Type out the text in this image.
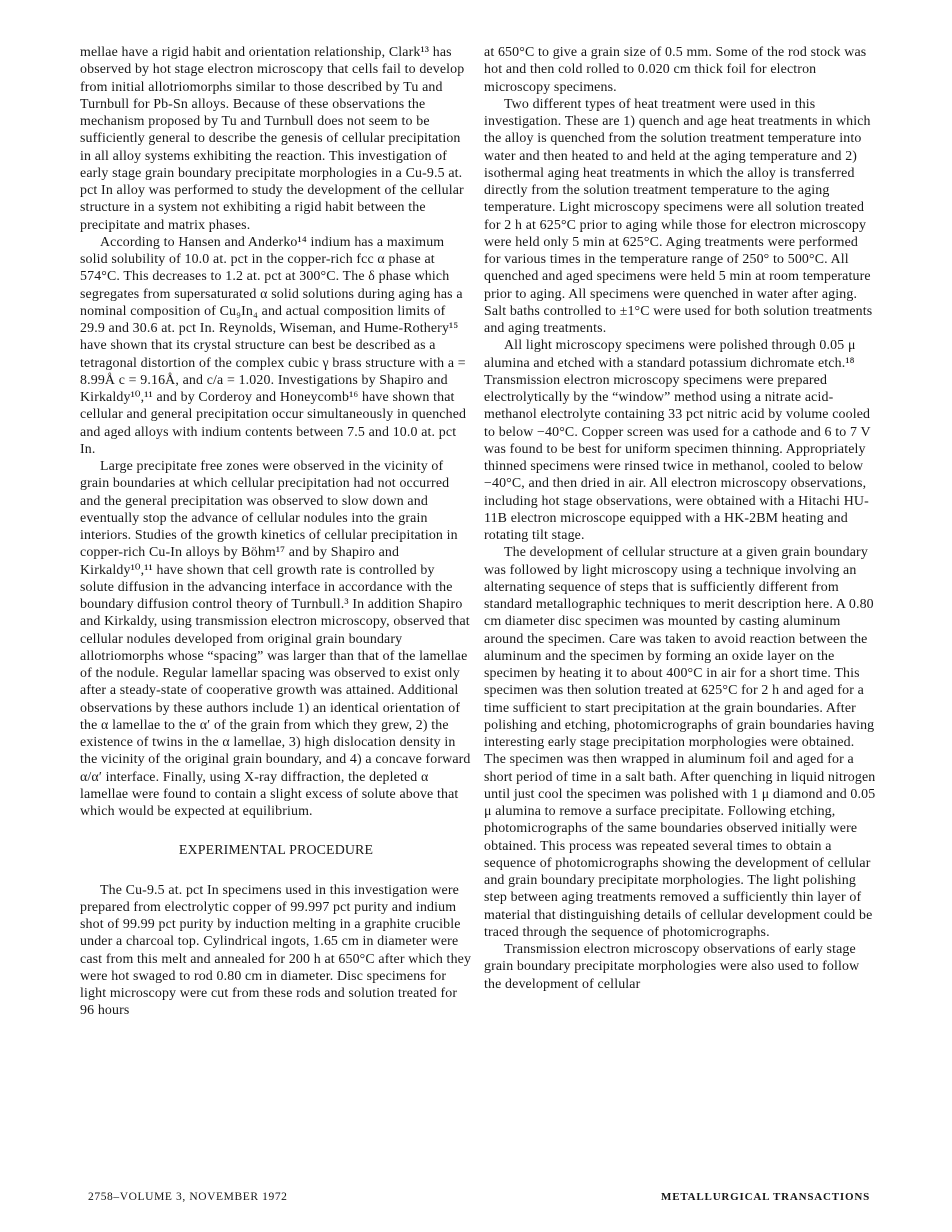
mellae have a rigid habit and orientation relationship, Clark¹³ has observed by hot stage electron microscopy that cells fail to develop from initial allotriomorphs similar to those described by Tu and Turnbull for Pb-Sn alloys. Because of these observations the mechanism proposed by Tu and Turnbull does not seem to be sufficiently general to describe the genesis of cellular precipitation in all alloy systems exhibiting the reaction. This investigation of early stage grain boundary precipitate morphologies in a Cu-9.5 at. pct In alloy was performed to study the development of the cellular structure in a system not exhibiting a rigid habit between the precipitate and matrix phases.

According to Hansen and Anderko¹⁴ indium has a maximum solid solubility of 10.0 at. pct in the copper-rich fcc α phase at 574°C. This decreases to 1.2 at. pct at 300°C. The δ phase which segregates from supersaturated α solid solutions during aging has a nominal composition of Cu₉In₄ and actual composition limits of 29.9 and 30.6 at. pct In. Reynolds, Wiseman, and Hume-Rothery¹⁵ have shown that its crystal structure can best be described as a tetragonal distortion of the complex cubic γ brass structure with a = 8.99Å c = 9.16Å, and c/a = 1.020. Investigations by Shapiro and Kirkaldy¹⁰,¹¹ and by Corderoy and Honeycomb¹⁶ have shown that cellular and general precipitation occur simultaneously in quenched and aged alloys with indium contents between 7.5 and 10.0 at. pct In.

Large precipitate free zones were observed in the vicinity of grain boundaries at which cellular precipitation had not occurred and the general precipitation was observed to slow down and eventually stop the advance of cellular nodules into the grain interiors. Studies of the growth kinetics of cellular precipitation in copper-rich Cu-In alloys by Böhm¹⁷ and by Shapiro and Kirkaldy¹⁰,¹¹ have shown that cell growth rate is controlled by solute diffusion in the advancing interface in accordance with the boundary diffusion control theory of Turnbull.³ In addition Shapiro and Kirkaldy, using transmission electron microscopy, observed that cellular nodules developed from original grain boundary allotriomorphs whose “spacing” was larger than that of the lamellae of the nodule. Regular lamellar spacing was observed to exist only after a steady-state of cooperative growth was attained. Additional observations by these authors include 1) an identical orientation of the α lamellae to the α′ of the grain from which they grew, 2) the existence of twins in the α lamellae, 3) high dislocation density in the vicinity of the original grain boundary, and 4) a concave forward α/α′ interface. Finally, using X-ray diffraction, the depleted α lamellae were found to contain a slight excess of solute above that which would be expected at equilibrium.

EXPERIMENTAL PROCEDURE

The Cu-9.5 at. pct In specimens used in this investigation were prepared from electrolytic copper of 99.997 pct purity and indium shot of 99.99 pct purity by induction melting in a graphite crucible under a charcoal top. Cylindrical ingots, 1.65 cm in diameter were cast from this melt and annealed for 200 h at 650°C after which they were hot swaged to rod 0.80 cm in diameter. Disc specimens for light microscopy were cut from these rods and solution treated for 96 hours

at 650°C to give a grain size of 0.5 mm. Some of the rod stock was hot and then cold rolled to 0.020 cm thick foil for electron microscopy specimens.

Two different types of heat treatment were used in this investigation. These are 1) quench and age heat treatments in which the alloy is quenched from the solution treatment temperature into water and then heated to and held at the aging temperature and 2) isothermal aging heat treatments in which the alloy is transferred directly from the solution treatment temperature to the aging temperature. Light microscopy specimens were all solution treated for 2 h at 625°C prior to aging while those for electron microscopy were held only 5 min at 625°C. Aging treatments were performed for various times in the temperature range of 250° to 500°C. All quenched and aged specimens were held 5 min at room temperature prior to aging. All specimens were quenched in water after aging. Salt baths controlled to ±1°C were used for both solution treatments and aging treatments.

All light microscopy specimens were polished through 0.05 μ alumina and etched with a standard potassium dichromate etch.¹⁸ Transmission electron microscopy specimens were prepared electrolytically by the “window” method using a nitrate acid-methanol electrolyte containing 33 pct nitric acid by volume cooled to below −40°C. Copper screen was used for a cathode and 6 to 7 V was found to be best for uniform specimen thinning. Appropriately thinned specimens were rinsed twice in methanol, cooled to below −40°C, and then dried in air. All electron microscopy observations, including hot stage observations, were obtained with a Hitachi HU-11B electron microscope equipped with a HK-2BM heating and rotating tilt stage.

The development of cellular structure at a given grain boundary was followed by light microscopy using a technique involving an alternating sequence of steps that is sufficiently different from standard metallographic techniques to merit description here. A 0.80 cm diameter disc specimen was mounted by casting aluminum around the specimen. Care was taken to avoid reaction between the aluminum and the specimen by forming an oxide layer on the specimen by heating it to about 400°C in air for a short time. This specimen was then solution treated at 625°C for 2 h and aged for a time sufficient to start precipitation at the grain boundaries. After polishing and etching, photomicrographs of grain boundaries having interesting early stage precipitation morphologies were obtained. The specimen was then wrapped in aluminum foil and aged for a short period of time in a salt bath. After quenching in liquid nitrogen until just cool the specimen was polished with 1 μ diamond and 0.05 μ alumina to remove a surface precipitate. Following etching, photomicrographs of the same boundaries observed initially were obtained. This process was repeated several times to obtain a sequence of photomicrographs showing the development of cellular and grain boundary precipitate morphologies. The light polishing step between aging treatments removed a sufficiently thin layer of material that distinguishing details of cellular development could be traced through the sequence of photomicrographs.

Transmission electron microscopy observations of early stage grain boundary precipitate morphologies were also used to follow the development of cellular

2758–VOLUME 3, NOVEMBER 1972	METALLURGICAL TRANSACTIONS
